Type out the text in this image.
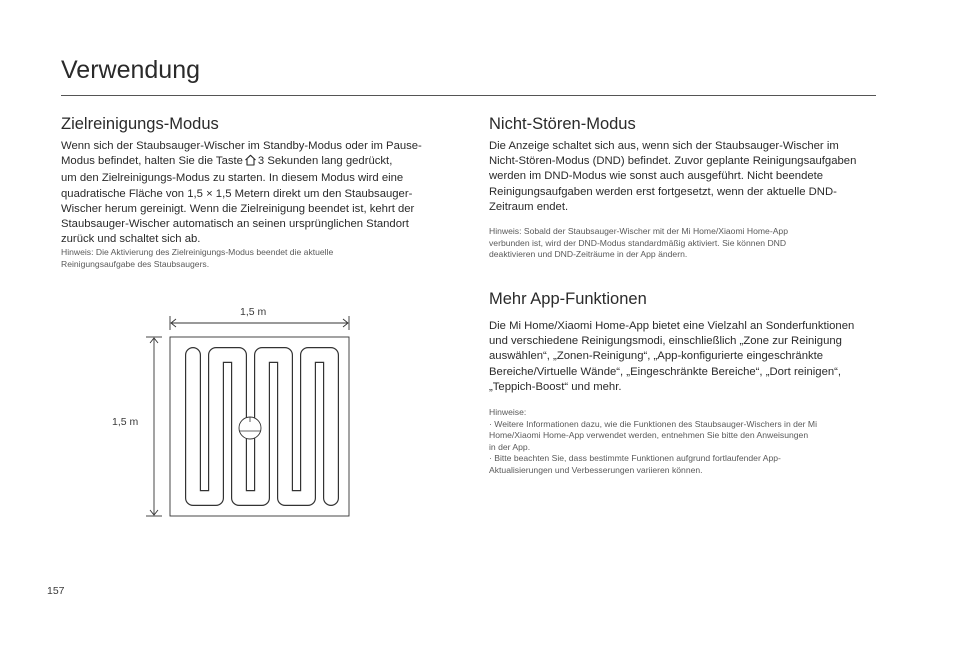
Verwendung
Zielreinigungs-Modus
Wenn sich der Staubsauger-Wischer im Standby-Modus oder im Pause-
Modus befindet, halten Sie die Taste 3 Sekunden lang gedrückt,
um den Zielreinigungs-Modus zu starten. In diesem Modus wird eine
quadratische Fläche von 1,5 × 1,5 Metern direkt um den Staubsauger-
Wischer herum gereinigt. Wenn die Zielreinigung beendet ist, kehrt der
Staubsauger-Wischer automatisch an seinen ursprünglichen Standort
zurück und schaltet sich ab.
Hinweis: Die Aktivierung des Zielreinigungs-Modus beendet die aktuelle
Reinigungsaufgabe des Staubsaugers.
1,5 m
1,5 m
Nicht-Stören-Modus
Die Anzeige schaltet sich aus, wenn sich der Staubsauger-Wischer im
Nicht-Stören-Modus (DND) befindet. Zuvor geplante Reinigungsaufgaben
werden im DND-Modus wie sonst auch ausgeführt. Nicht beendete
Reinigungsaufgaben werden erst fortgesetzt, wenn der aktuelle DND-
Zeitraum endet.
Hinweis: Sobald der Staubsauger-Wischer mit der Mi Home/Xiaomi Home-App
verbunden ist, wird der DND-Modus standardmäßig aktiviert. Sie können DND
deaktivieren und DND-Zeiträume in der App ändern.
Mehr App-Funktionen
Die Mi Home/Xiaomi Home-App bietet eine Vielzahl an Sonderfunktionen
und verschiedene Reinigungsmodi, einschließlich „Zone zur Reinigung
auswählen“, „Zonen-Reinigung“, „App-konfigurierte eingeschränkte
Bereiche/Virtuelle Wände“, „Eingeschränkte Bereiche“, „Dort reinigen“,
„Teppich-Boost“ und mehr.
Hinweise:
· Weitere Informationen dazu, wie die Funktionen des Staubsauger-Wischers in der Mi
Home/Xiaomi Home-App verwendet werden, entnehmen Sie bitte den Anweisungen
in der App.
· Bitte beachten Sie, dass bestimmte Funktionen aufgrund fortlaufender App-
Aktualisierungen und Verbesserungen variieren können.
157
